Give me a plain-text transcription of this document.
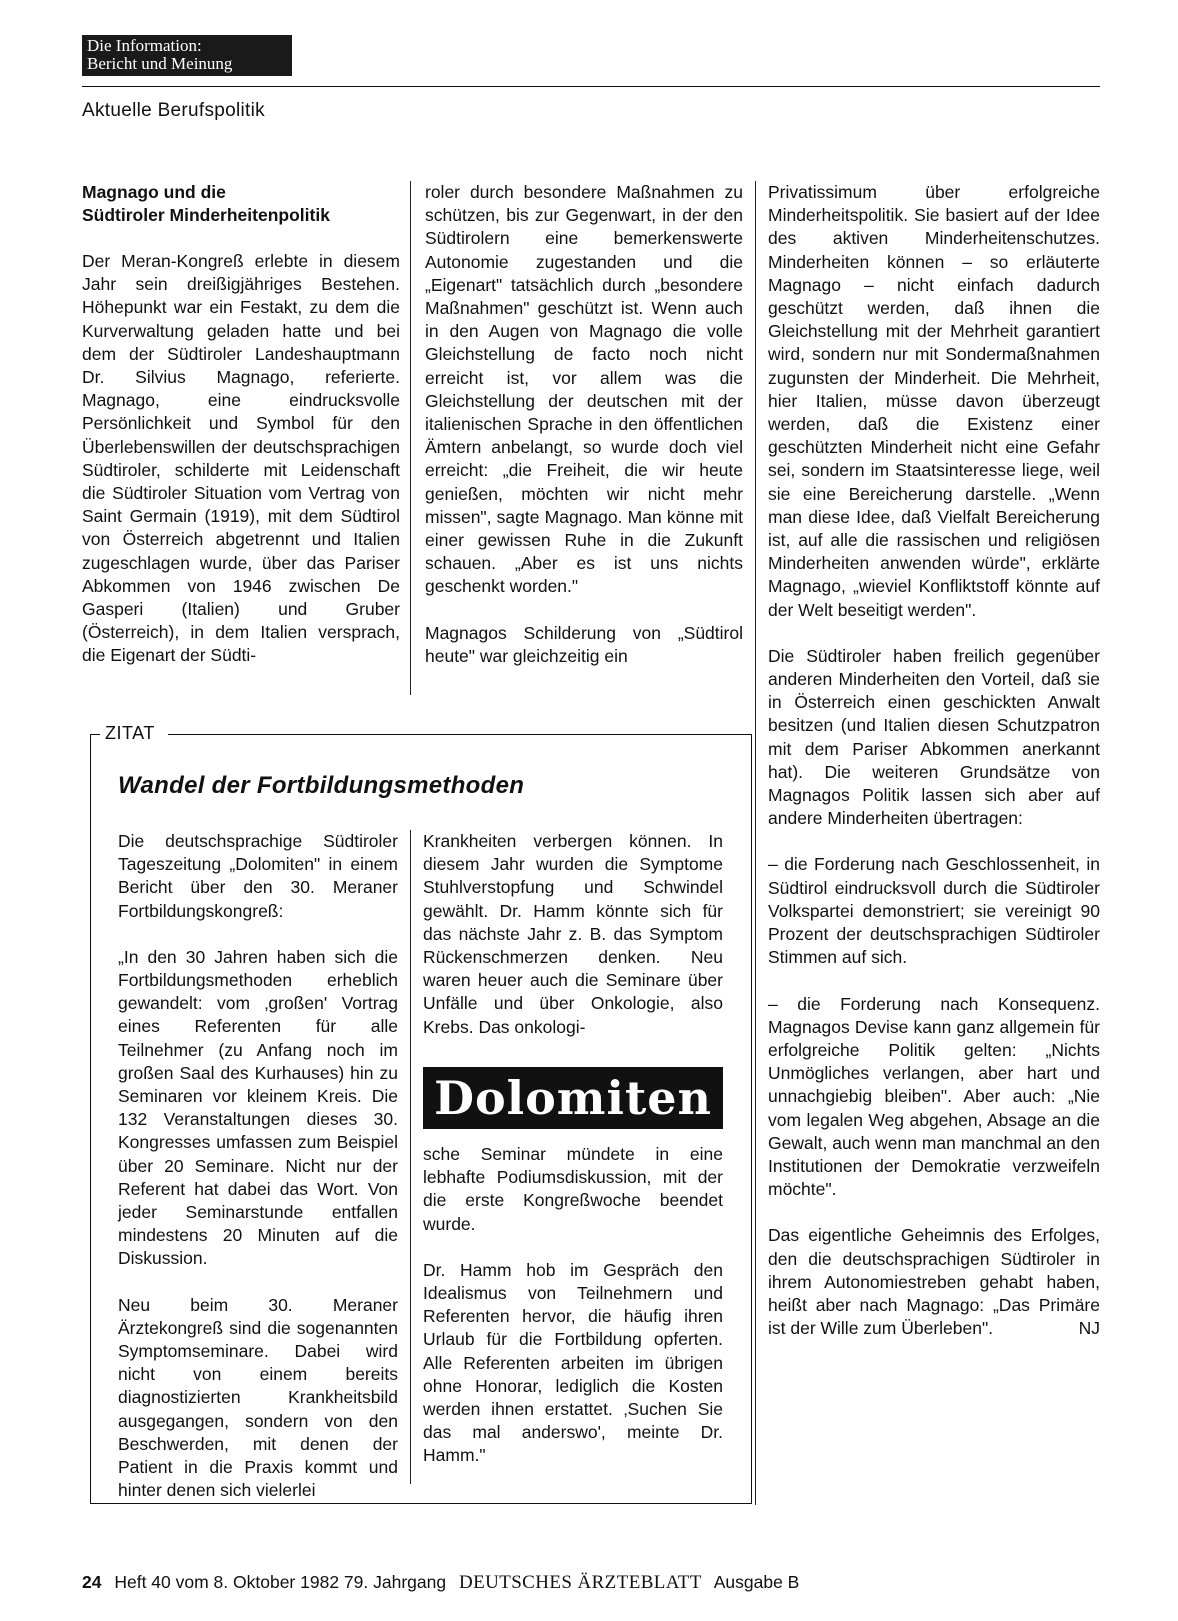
Die Information:
Bericht und Meinung
Aktuelle Berufspolitik
Magnago und die
Südtiroler Minderheitenpolitik

Der Meran-Kongreß erlebte in diesem Jahr sein dreißigjähriges Bestehen. Höhepunkt war ein Festakt, zu dem die Kurverwaltung geladen hatte und bei dem der Südtiroler Landeshauptmann Dr. Silvius Magnago, referierte. Magnago, eine eindrucksvolle Persönlichkeit und Symbol für den Überlebenswillen der deutschsprachigen Südtiroler, schilderte mit Leidenschaft die Südtiroler Situation vom Vertrag von Saint Germain (1919), mit dem Südtirol von Österreich abgetrennt und Italien zugeschlagen wurde, über das Pariser Abkommen von 1946 zwischen De Gasperi (Italien) und Gruber (Österreich), in dem Italien versprach, die Eigenart der Südti-

roler durch besondere Maßnahmen zu schützen, bis zur Gegenwart, in der den Südtirolern eine bemerkenswerte Autonomie zugestanden und die „Eigenart" tatsächlich durch „besondere Maßnahmen" geschützt ist. Wenn auch in den Augen von Magnago die volle Gleichstellung de facto noch nicht erreicht ist, vor allem was die Gleichstellung der deutschen mit der italienischen Sprache in den öffentlichen Ämtern anbelangt, so wurde doch viel erreicht: „die Freiheit, die wir heute genießen, möchten wir nicht mehr missen", sagte Magnago. Man könne mit einer gewissen Ruhe in die Zukunft schauen. „Aber es ist uns nichts geschenkt worden."

Magnagos Schilderung von „Südtirol heute" war gleichzeitig ein

Privatissimum über erfolgreiche Minderheitspolitik. Sie basiert auf der Idee des aktiven Minderheitenschutzes. Minderheiten können – so erläuterte Magnago – nicht einfach dadurch geschützt werden, daß ihnen die Gleichstellung mit der Mehrheit garantiert wird, sondern nur mit Sondermaßnahmen zugunsten der Minderheit. Die Mehrheit, hier Italien, müsse davon überzeugt werden, daß die Existenz einer geschützten Minderheit nicht eine Gefahr sei, sondern im Staatsinteresse liege, weil sie eine Bereicherung darstelle. „Wenn man diese Idee, daß Vielfalt Bereicherung ist, auf alle die rassischen und religiösen Minderheiten anwenden würde", erklärte Magnago, „wieviel Konfliktstoff könnte auf der Welt beseitigt werden".

Die Südtiroler haben freilich gegenüber anderen Minderheiten den Vorteil, daß sie in Österreich einen geschickten Anwalt besitzen (und Italien diesen Schutzpatron mit dem Pariser Abkommen anerkannt hat). Die weiteren Grundsätze von Magnagos Politik lassen sich aber auf andere Minderheiten übertragen:

– die Forderung nach Geschlossenheit, in Südtirol eindrucksvoll durch die Südtiroler Volkspartei demonstriert; sie vereinigt 90 Prozent der deutschsprachigen Südtiroler Stimmen auf sich.

– die Forderung nach Konsequenz. Magnagos Devise kann ganz allgemein für erfolgreiche Politik gelten: „Nichts Unmögliches verlangen, aber hart und unnachgiebig bleiben". Aber auch: „Nie vom legalen Weg abgehen, Absage an die Gewalt, auch wenn man manchmal an den Institutionen der Demokratie verzweifeln möchte".

Das eigentliche Geheimnis des Erfolges, den die deutschsprachigen Südtiroler in ihrem Autonomiestreben gehabt haben, heißt aber nach Magnago: „Das Primäre ist der Wille zum Überleben".	NJ

ZITAT
Wandel der Fortbildungsmethoden

Die deutschsprachige Südtiroler Tageszeitung „Dolomiten" in einem Bericht über den 30. Meraner Fortbildungskongreß:

„In den 30 Jahren haben sich die Fortbildungsmethoden erheblich gewandelt: vom ‚großen' Vortrag eines Referenten für alle Teilnehmer (zu Anfang noch im großen Saal des Kurhauses) hin zu Seminaren vor kleinem Kreis. Die 132 Veranstaltungen dieses 30. Kongresses umfassen zum Beispiel über 20 Seminare. Nicht nur der Referent hat dabei das Wort. Von jeder Seminarstunde entfallen mindestens 20 Minuten auf die Diskussion.

Neu beim 30. Meraner Ärztekongreß sind die sogenannten Symptomseminare. Dabei wird nicht von einem bereits diagnostizierten Krankheitsbild ausgegangen, sondern von den Beschwerden, mit denen der Patient in die Praxis kommt und hinter denen sich vielerlei

Krankheiten verbergen können. In diesem Jahr wurden die Symptome Stuhlverstopfung und Schwindel gewählt. Dr. Hamm könnte sich für das nächste Jahr z. B. das Symptom Rückenschmerzen denken. Neu waren heuer auch die Seminare über Unfälle und über Onkologie, also Krebs. Das onkologi-

Dolomiten

sche Seminar mündete in eine lebhafte Podiumsdiskussion, mit der die erste Kongreßwoche beendet wurde.

Dr. Hamm hob im Gespräch den Idealismus von Teilnehmern und Referenten hervor, die häufig ihren Urlaub für die Fortbildung opferten. Alle Referenten arbeiten im übrigen ohne Honorar, lediglich die Kosten werden ihnen erstattet. ‚Suchen Sie das mal anderswo', meinte Dr. Hamm."

24 Heft 40 vom 8. Oktober 1982 79. Jahrgang DEUTSCHES ÄRZTEBLATT Ausgabe B
